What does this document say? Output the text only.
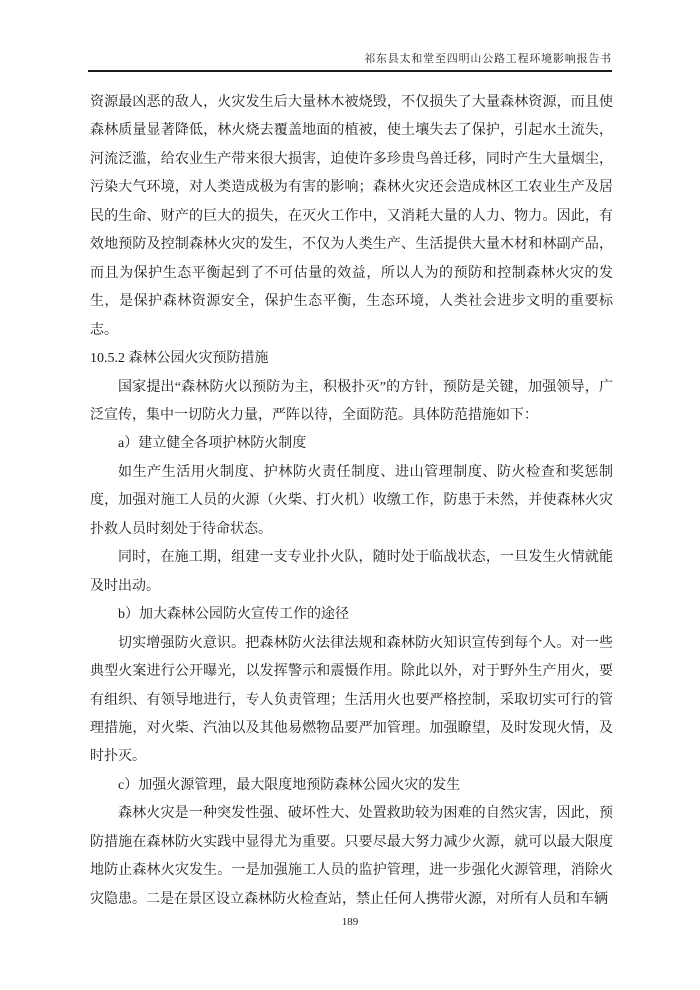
祁东县太和堂至四明山公路工程环境影响报告书

资源最凶恶的敌人，火灾发生后大量林木被烧毁，不仅损失了大量森林资源，而且使森林质量显著降低，林火烧去覆盖地面的植被，使土壤失去了保护，引起水土流失，河流泛滥，给农业生产带来很大损害，迫使许多珍贵鸟兽迁移，同时产生大量烟尘，污染大气环境，对人类造成极为有害的影响；森林火灾还会造成林区工农业生产及居民的生命、财产的巨大的损失，在灭火工作中，又消耗大量的人力、物力。因此，有效地预防及控制森林火灾的发生，不仅为人类生产、生活提供大量木材和林副产品，而且为保护生态平衡起到了不可估量的效益，所以人为的预防和控制森林火灾的发生，是保护森林资源安全，保护生态平衡，生态环境，人类社会进步文明的重要标志。

10.5.2 森林公园火灾预防措施

国家提出“森林防火以预防为主，积极扑灭”的方针，预防是关键，加强领导，广泛宣传，集中一切防火力量，严阵以待，全面防范。具体防范措施如下：

a）建立健全各项护林防火制度

如生产生活用火制度、护林防火责任制度、进山管理制度、防火检查和奖惩制度，加强对施工人员的火源（火柴、打火机）收缴工作，防患于未然，并使森林火灾扑救人员时刻处于待命状态。

同时，在施工期，组建一支专业扑火队，随时处于临战状态，一旦发生火情就能及时出动。

b）加大森林公园防火宣传工作的途径

切实增强防火意识。把森林防火法律法规和森林防火知识宣传到每个人。对一些典型火案进行公开曝光，以发挥警示和震慑作用。除此以外，对于野外生产用火，要有组织、有领导地进行，专人负责管理；生活用火也要严格控制，采取切实可行的管理措施，对火柴、汽油以及其他易燃物品要严加管理。加强瞭望，及时发现火情，及时扑灭。

c）加强火源管理，最大限度地预防森林公园火灾的发生

森林火灾是一种突发性强、破坏性大、处置救助较为困难的自然灾害，因此，预防措施在森林防火实践中显得尤为重要。只要尽最大努力减少火源，就可以最大限度地防止森林火灾发生。一是加强施工人员的监护管理，进一步强化火源管理，消除火灾隐患。二是在景区设立森林防火检查站，禁止任何人携带火源，对所有人员和车辆

189
